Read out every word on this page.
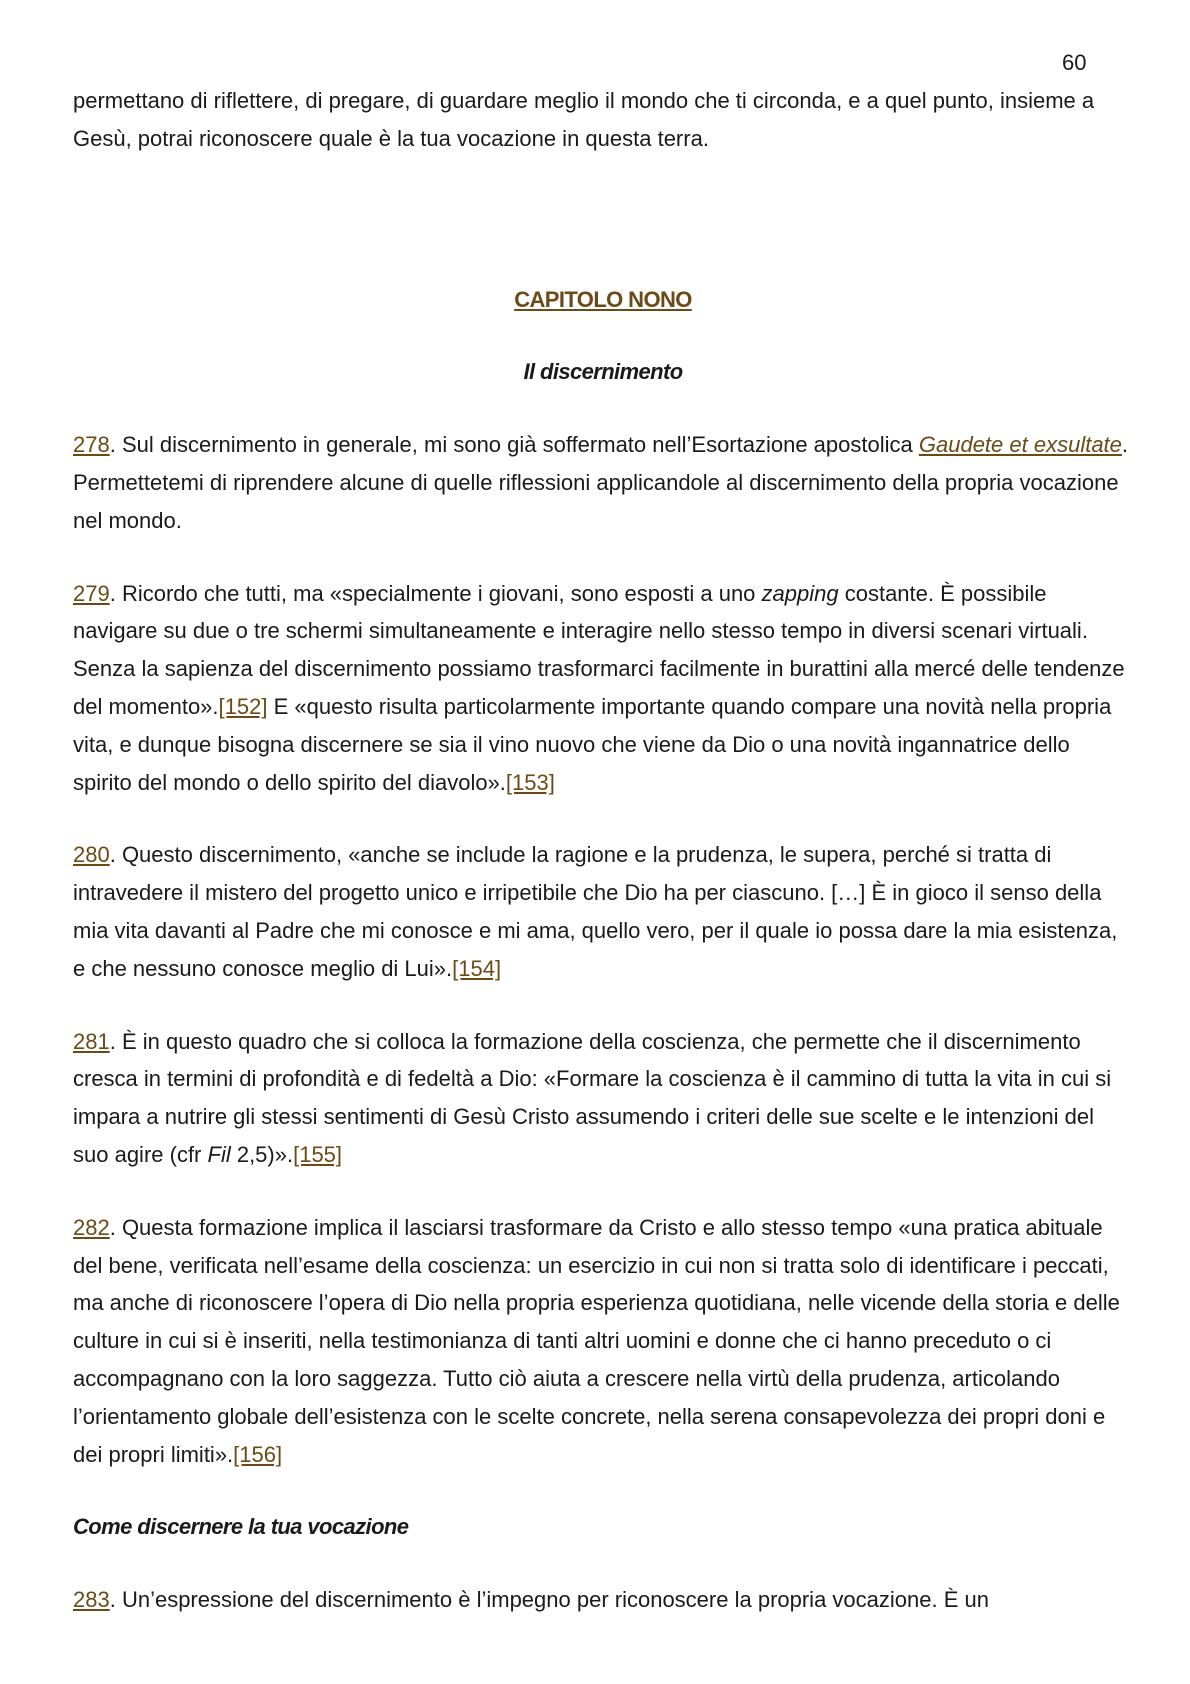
60

permettano di riflettere, di pregare, di guardare meglio il mondo che ti circonda, e a quel punto, insieme a Gesù, potrai riconoscere quale è la tua vocazione in questa terra.

CAPITOLO NONO

Il discernimento

278. Sul discernimento in generale, mi sono già soffermato nell’Esortazione apostolica Gaudete et exsultate. Permettetemi di riprendere alcune di quelle riflessioni applicandole al discernimento della propria vocazione nel mondo.

279. Ricordo che tutti, ma «specialmente i giovani, sono esposti a uno zapping costante. È possibile navigare su due o tre schermi simultaneamente e interagire nello stesso tempo in diversi scenari virtuali. Senza la sapienza del discernimento possiamo trasformarci facilmente in burattini alla mercé delle tendenze del momento».[152] E «questo risulta particolarmente importante quando compare una novità nella propria vita, e dunque bisogna discernere se sia il vino nuovo che viene da Dio o una novità ingannatrice dello spirito del mondo o dello spirito del diavolo».[153]

280. Questo discernimento, «anche se include la ragione e la prudenza, le supera, perché si tratta di intravedere il mistero del progetto unico e irripetibile che Dio ha per ciascuno. […] È in gioco il senso della mia vita davanti al Padre che mi conosce e mi ama, quello vero, per il quale io possa dare la mia esistenza, e che nessuno conosce meglio di Lui».[154]

281. È in questo quadro che si colloca la formazione della coscienza, che permette che il discernimento cresca in termini di profondità e di fedeltà a Dio: «Formare la coscienza è il cammino di tutta la vita in cui si impara a nutrire gli stessi sentimenti di Gesù Cristo assumendo i criteri delle sue scelte e le intenzioni del suo agire (cfr Fil 2,5)».[155]

282. Questa formazione implica il lasciarsi trasformare da Cristo e allo stesso tempo «una pratica abituale del bene, verificata nell’esame della coscienza: un esercizio in cui non si tratta solo di identificare i peccati, ma anche di riconoscere l’opera di Dio nella propria esperienza quotidiana, nelle vicende della storia e delle culture in cui si è inseriti, nella testimonianza di tanti altri uomini e donne che ci hanno preceduto o ci accompagnano con la loro saggezza. Tutto ciò aiuta a crescere nella virtù della prudenza, articolando l’orientamento globale dell’esistenza con le scelte concrete, nella serena consapevolezza dei propri doni e dei propri limiti».[156]

Come discernere la tua vocazione

283. Un’espressione del discernimento è l’impegno per riconoscere la propria vocazione. È un
